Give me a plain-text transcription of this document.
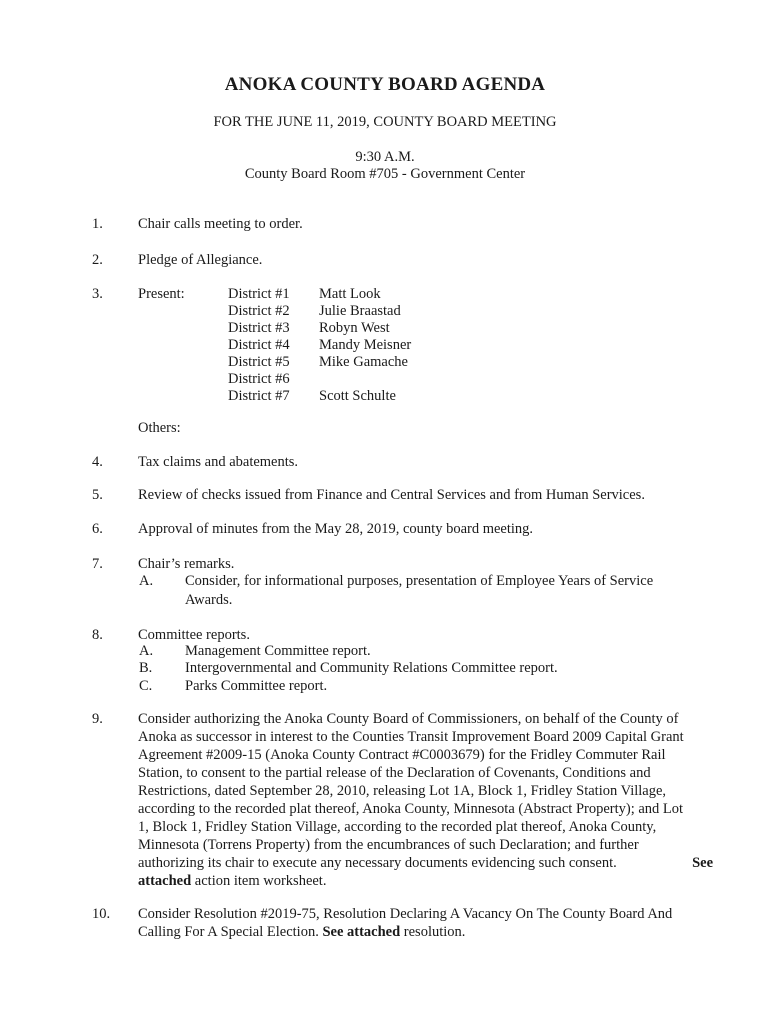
ANOKA COUNTY BOARD AGENDA
FOR THE JUNE 11, 2019, COUNTY BOARD MEETING
9:30 A.M.
County Board Room #705 - Government Center
1. Chair calls meeting to order.
2. Pledge of Allegiance.
3. Present:	District #1 Matt Look
District #2 Julie Braastad
District #3 Robyn West
District #4 Mandy Meisner
District #5 Mike Gamache
District #6
District #7 Scott Schulte
Others:
4. Tax claims and abatements.
5. Review of checks issued from Finance and Central Services and from Human Services.
6. Approval of minutes from the May 28, 2019, county board meeting.
7. Chair’s remarks.
A. Consider, for informational purposes, presentation of Employee Years of Service
Awards.
8. Committee reports.
A. Management Committee report.
B. Intergovernmental and Community Relations Committee report.
C. Parks Committee report.
9. Consider authorizing the Anoka County Board of Commissioners, on behalf of the County of
Anoka as successor in interest to the Counties Transit Improvement Board 2009 Capital Grant
Agreement #2009-15 (Anoka County Contract #C0003679) for the Fridley Commuter Rail
Station, to consent to the partial release of the Declaration of Covenants, Conditions and
Restrictions, dated September 28, 2010, releasing Lot 1A, Block 1, Fridley Station Village,
according to the recorded plat thereof, Anoka County, Minnesota (Abstract Property); and Lot
1, Block 1, Fridley Station Village, according to the recorded plat thereof, Anoka County,
Minnesota (Torrens Property) from the encumbrances of such Declaration; and further
authorizing its chair to execute any necessary documents evidencing such consent.	See
attached action item worksheet.
10. Consider Resolution #2019-75, Resolution Declaring A Vacancy On The County Board And
Calling For A Special Election. See attached resolution.
